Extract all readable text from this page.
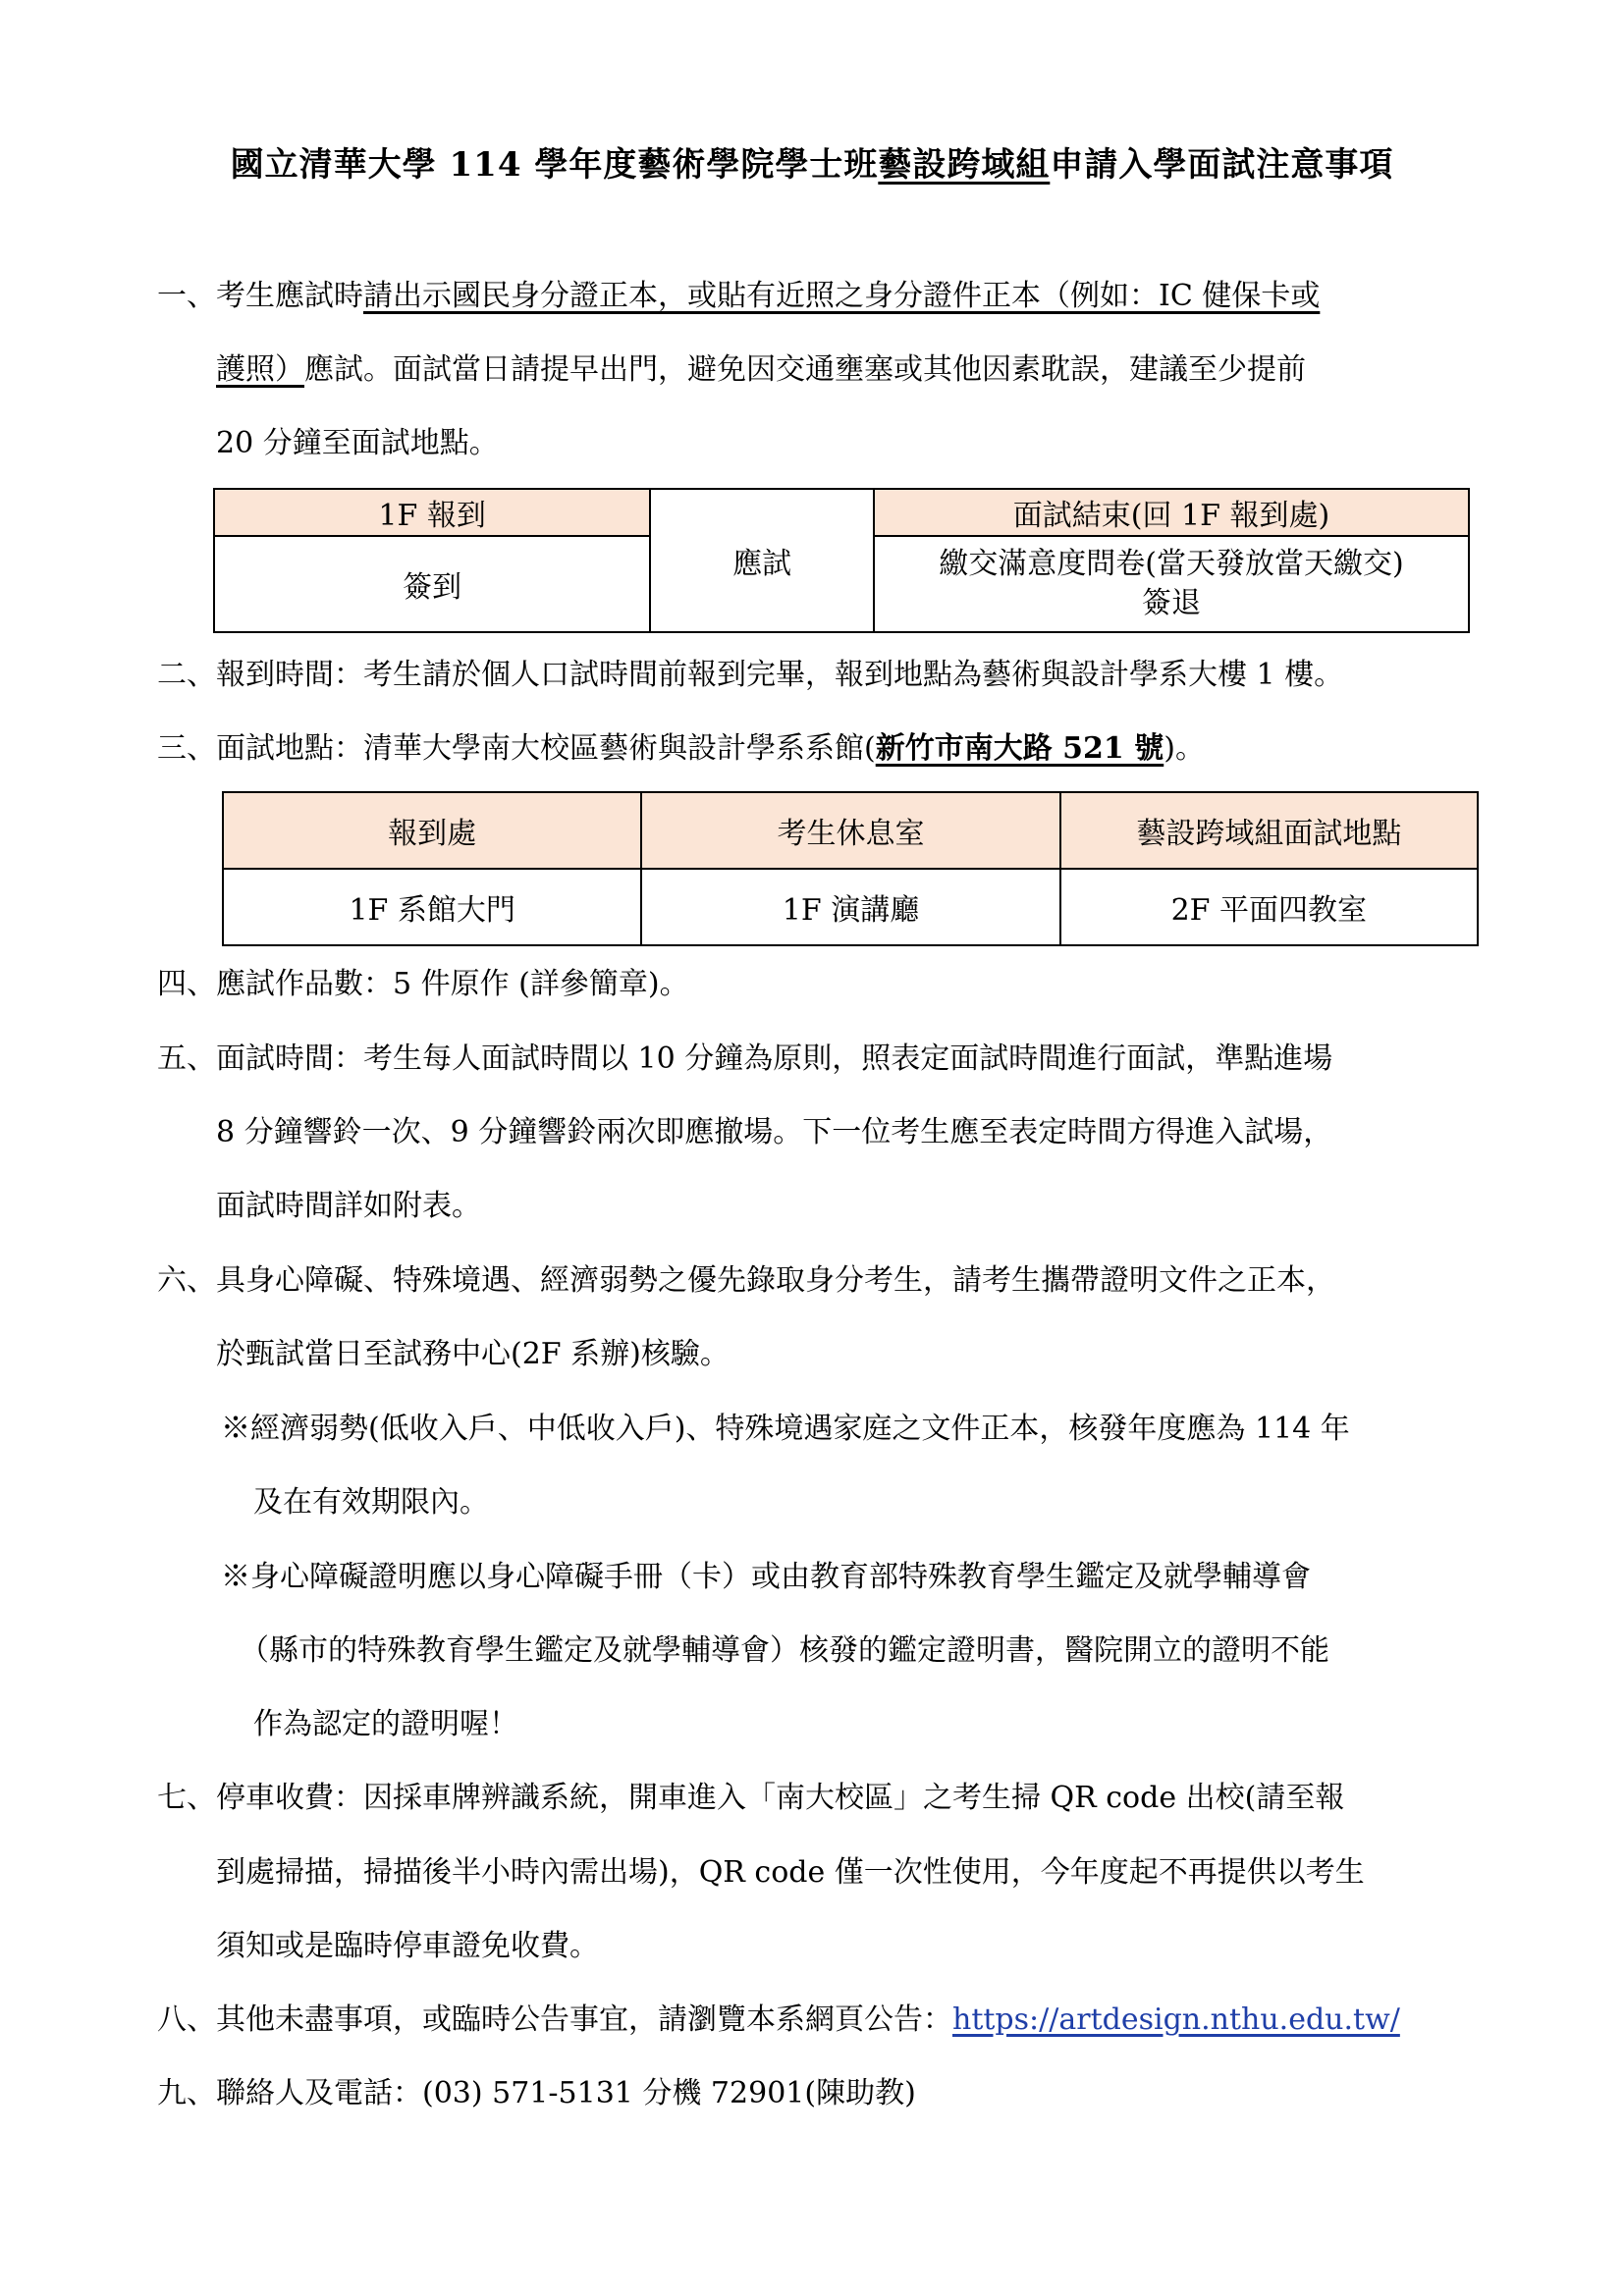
國立清華大學 114 學年度藝術學院學士班藝設跨域組申請入學面試注意事項
一、考生應試時請出示國民身分證正本，或貼有近照之身分證件正本（例如：IC 健保卡或
護照）應試。面試當日請提早出門，避免因交通壅塞或其他因素耽誤，建議至少提前
20 分鐘至面試地點。
1F 報到	應試	面試結束(回 1F 報到處)
簽到		繳交滿意度問卷(當天發放當天繳交)
簽退
二、報到時間：考生請於個人口試時間前報到完畢，報到地點為藝術與設計學系大樓 1 樓。
三、面試地點：清華大學南大校區藝術與設計學系系館(新竹市南大路 521 號)。
報到處	考生休息室	藝設跨域組面試地點
1F 系館大門	1F 演講廳	2F 平面四教室
四、應試作品數：5 件原作 (詳參簡章)。
五、面試時間：考生每人面試時間以 10 分鐘為原則，照表定面試時間進行面試，準點進場
8 分鐘響鈴一次、9 分鐘響鈴兩次即應撤場。下一位考生應至表定時間方得進入試場，
面試時間詳如附表。
六、具身心障礙、特殊境遇、經濟弱勢之優先錄取身分考生，請考生攜帶證明文件之正本，
於甄試當日至試務中心(2F 系辦)核驗。
※經濟弱勢(低收入戶、中低收入戶)、特殊境遇家庭之文件正本，核發年度應為 114 年
及在有效期限內。
※身心障礙證明應以身心障礙手冊（卡）或由教育部特殊教育學生鑑定及就學輔導會
（縣市的特殊教育學生鑑定及就學輔導會）核發的鑑定證明書，醫院開立的證明不能
作為認定的證明喔！
七、停車收費：因採車牌辨識系統，開車進入「南大校區」之考生掃 QR code 出校(請至報
到處掃描，掃描後半小時內需出場)，QR code 僅一次性使用，今年度起不再提供以考生
須知或是臨時停車證免收費。
八、其他未盡事項，或臨時公告事宜，請瀏覽本系網頁公告：https://artdesign.nthu.edu.tw/
九、聯絡人及電話：(03) 571-5131 分機 72901(陳助教)
